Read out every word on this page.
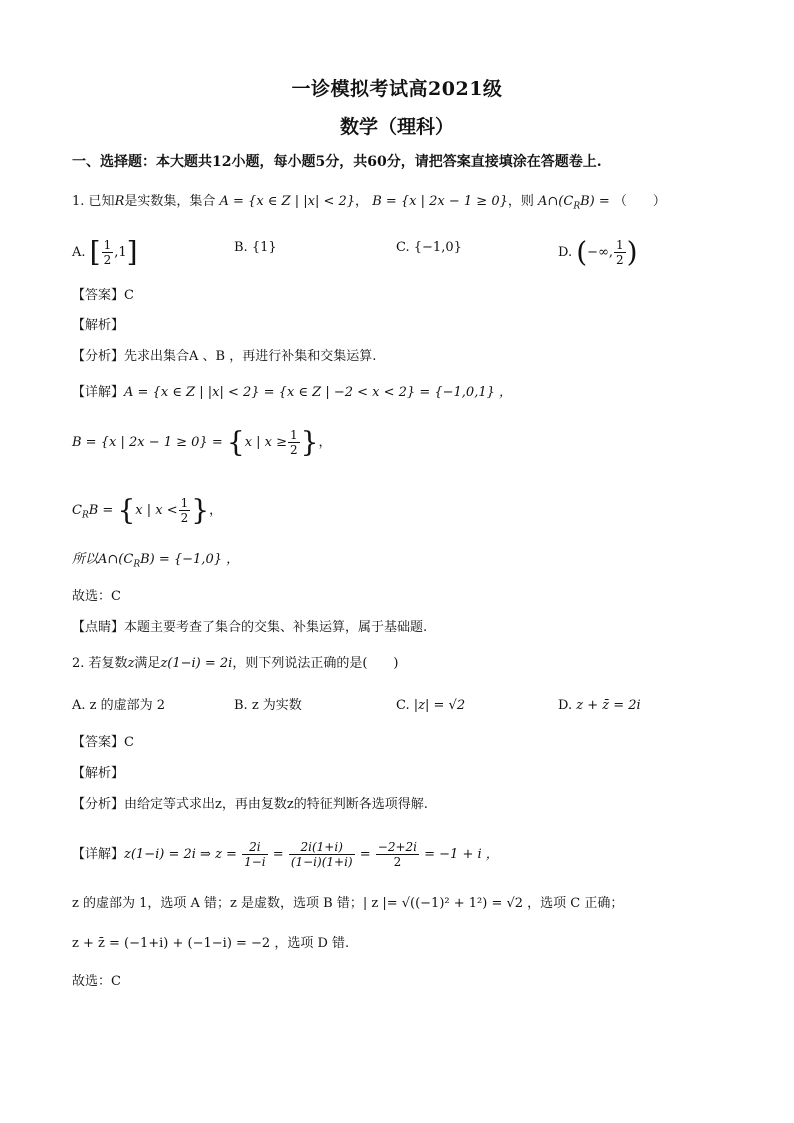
一诊模拟考试高2021级
数学（理科）
一、选择题：本大题共12小题，每小题5分，共60分，请把答案直接填涂在答题卷上.
1. 已知R是实数集，集合 A = {x ∈ Z | |x| < 2}， B = {x | 2x − 1 ≥ 0}，则 $A\cap(C_RB)$ = （　　）
A. [ $\frac{1}{2} ,1$]	B. {1}	C. {−1,0}	D. (−∞, $\frac{1}{2}$ )
【答案】C
【解析】
【分析】先求出集合A 、B ，再进行补集和交集运算.
【详解】A = {x ∈ Z | |x| < 2} = {x ∈ Z | −2 < x < 2} = {−1,0,1} ，
B = {x | 2x − 1 ≥ 0} = {x | $x \ge \frac{1}{2}$ }，
$C_RB = \{x$ | $x < \frac{1}{2}$ }，
所以$A\cap(C_RB) = \{-1,0\}$ ，
故选：C
【点睛】本题主要考查了集合的交集、补集运算，属于基础题.
2. 若复数z满足z(1−i) = 2i，则下列说法正确的是(　　)
A. z 的虚部为 2	B. z 为实数	C. |z| = √2	D. z + z̄ = 2i
【答案】C
【解析】
【分析】由给定等式求出z，再由复数z的特征判断各选项得解.
【详解】z(1−i) = 2i ⇒ $z = \frac{2i}{1-i} = \frac{2i(1+i)}{(1-i)(1+i)} = \frac{-2+2i}{2} = -1 + i$ ，
z 的虚部为 1，选项 A 错；z 是虚数，选项 B 错；| z |= √((−1)² + 1²) = √2 ，选项 C 正确；
z + z̄ = (−1+i) + (−1−i) = −2 ，选项 D 错.
故选：C
